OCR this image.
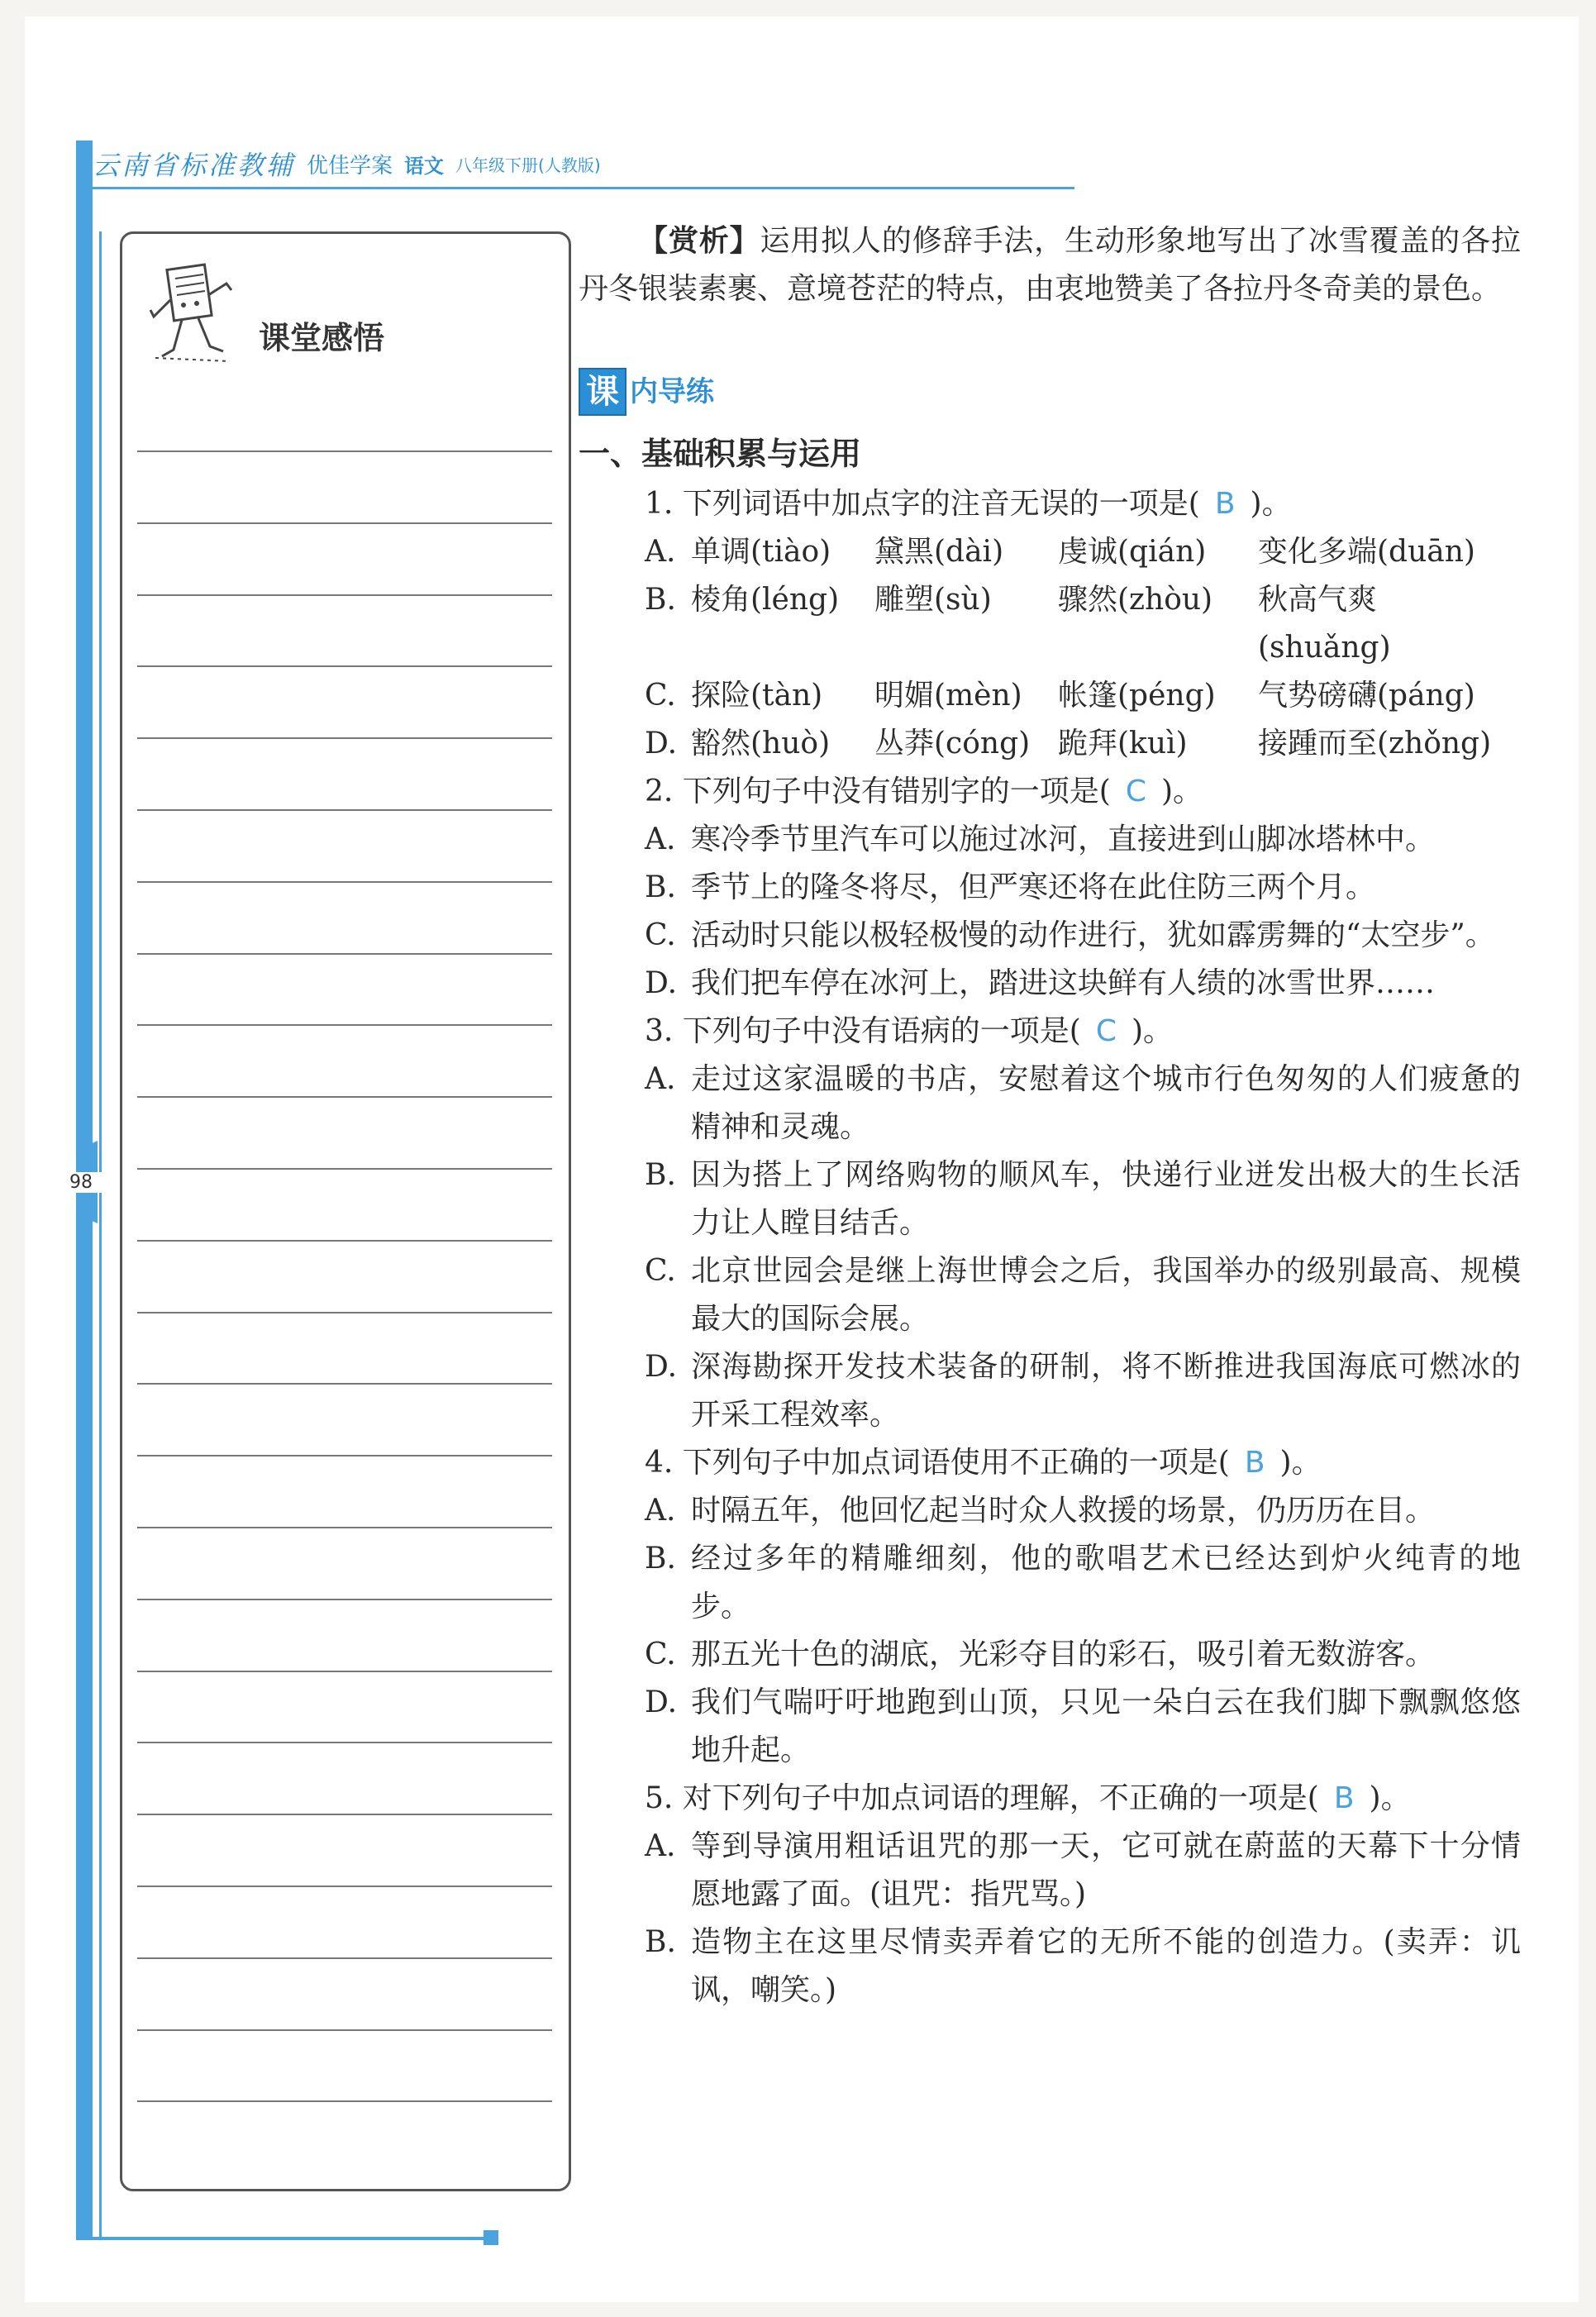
98
云南省标准教辅 优佳学案 语文 八年级下册(人教版)
课堂感悟

【赏析】运用拟人的修辞手法，生动形象地写出了冰雪覆盖的各拉丹冬银装素裹、意境苍茫的特点，由衷地赞美了各拉丹冬奇美的景色。

课 内导练
一、基础积累与运用

1. 下列词语中加点字的注音无误的一项是( B )。

A. 单调(tiào)	黛黑(dài)	虔诚(qián)	变化多端(duān)
B. 棱角(léng)	雕塑(sù)	骤然(zhòu)	秋高气爽(shuǎng)
C. 探险(tàn)	明媚(mèn)	帐篷(péng)	气势磅礴(páng)
D. 豁然(huò)	丛莽(cóng) 跪拜(kuì)	接踵而至(zhǒng)

2. 下列句子中没有错别字的一项是( C )。

A. 寒冷季节里汽车可以施过冰河，直接进到山脚冰塔林中。
B. 季节上的隆冬将尽，但严寒还将在此住防三两个月。
C. 活动时只能以极轻极慢的动作进行，犹如霹雳舞的“太空步”。
D. 我们把车停在冰河上，踏进这块鲜有人绩的冰雪世界……

3. 下列句子中没有语病的一项是( C )。

A. 走过这家温暖的书店，安慰着这个城市行色匆匆的人们疲惫的精神和灵魂。
B. 因为搭上了网络购物的顺风车，快递行业迸发出极大的生长活力让人瞠目结舌。
C. 北京世园会是继上海世博会之后，我国举办的级别最高、规模最大的国际会展。
D. 深海勘探开发技术装备的研制，将不断推进我国海底可燃冰的开采工程效率。

4. 下列句子中加点词语使用不正确的一项是( B )。

A. 时隔五年，他回忆起当时众人救援的场景，仍历历在目。
B. 经过多年的精雕细刻，他的歌唱艺术已经达到炉火纯青的地步。
C. 那五光十色的湖底，光彩夺目的彩石，吸引着无数游客。
D. 我们气喘吁吁地跑到山顶，只见一朵白云在我们脚下飘飘悠悠地升起。

5. 对下列句子中加点词语的理解，不正确的一项是( B )。

A. 等到导演用粗话诅咒的那一天，它可就在蔚蓝的天幕下十分情愿地露了面。(诅咒：指咒骂。)
B. 造物主在这里尽情卖弄着它的无所不能的创造力。(卖弄：讥讽，嘲笑。)
